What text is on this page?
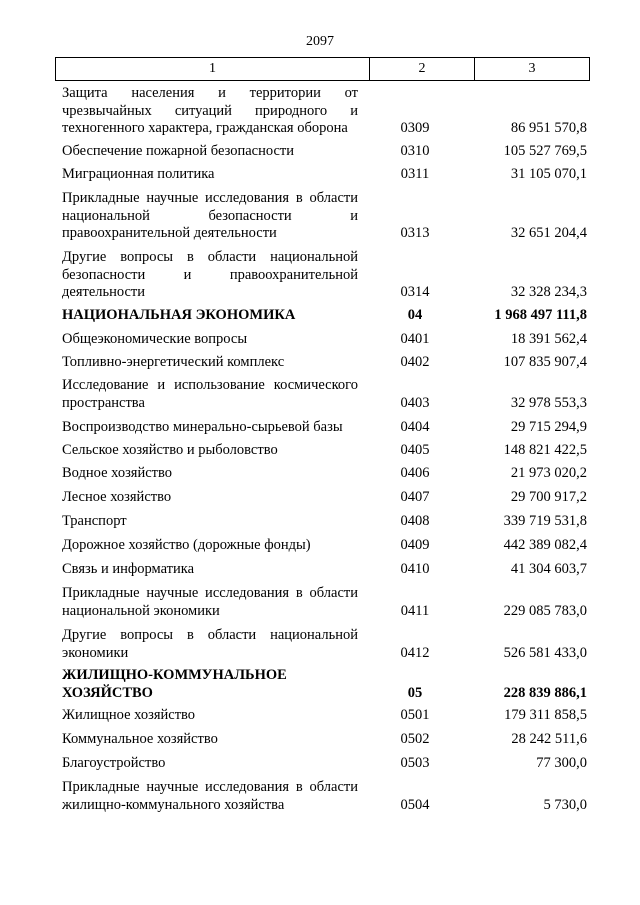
2097
1	2	3
Защита населения и территории от
чрезвычайных ситуаций природного и
техногенного характера, гражданская оборона	0309	86 951 570,8
Обеспечение пожарной безопасности	0310	105 527 769,5
Миграционная политика	0311	31 105 070,1
Прикладные научные исследования в области
национальной безопасности и
правоохранительной деятельности	0313	32 651 204,4
Другие вопросы в области национальной
безопасности и правоохранительной
деятельности	0314	32 328 234,3
НАЦИОНАЛЬНАЯ ЭКОНОМИКА	04	1 968 497 111,8
Общеэкономические вопросы	0401	18 391 562,4
Топливно-энергетический комплекс	0402	107 835 907,4
Исследование и использование космического
пространства	0403	32 978 553,3
Воспроизводство минерально-сырьевой базы	0404	29 715 294,9
Сельское хозяйство и рыболовство	0405	148 821 422,5
Водное хозяйство	0406	21 973 020,2
Лесное хозяйство	0407	29 700 917,2
Транспорт	0408	339 719 531,8
Дорожное хозяйство (дорожные фонды)	0409	442 389 082,4
Связь и информатика	0410	41 304 603,7
Прикладные научные исследования в области
национальной экономики	0411	229 085 783,0
Другие вопросы в области национальной
экономики	0412	526 581 433,0
ЖИЛИЩНО-КОММУНАЛЬНОЕ
ХОЗЯЙСТВО	05	228 839 886,1
Жилищное хозяйство	0501	179 311 858,5
Коммунальное хозяйство	0502	28 242 511,6
Благоустройство	0503	77 300,0
Прикладные научные исследования в области
жилищно-коммунального хозяйства	0504	5 730,0
